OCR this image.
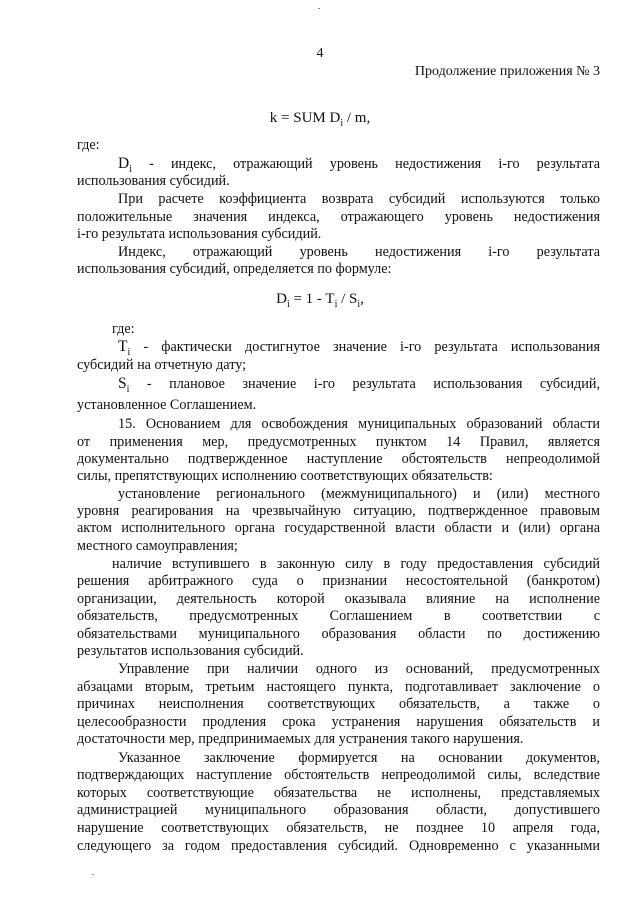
4
Продолжение приложения № 3
k = SUM $D_i$ / m,
где:
$D_i$ - индекс, отражающий уровень недостижения i-го результата
использования субсидий.
При расчете коэффициента возврата субсидий используются только
положительные значения индекса, отражающего уровень недостижения
i-го результата использования субсидий.
Индекс, отражающий уровень недостижения i-го результата
использования субсидий, определяется по формуле:
$D_i = 1 - T_i / S_i$,
где:
$T_i$ - фактически достигнутое значение i-го результата использования
субсидий на отчетную дату;
$S_i$ - плановое значение i-го результата использования субсидий,
установленное Соглашением.
15. Основанием для освобождения муниципальных образований области
от применения мер, предусмотренных пунктом 14 Правил, является
документально подтвержденное наступление обстоятельств непреодолимой
силы, препятствующих исполнению соответствующих обязательств:
установление регионального (межмуниципального) и (или) местного
уровня реагирования на чрезвычайную ситуацию, подтвержденное правовым
актом исполнительного органа государственной власти области и (или) органа
местного самоуправления;
наличие вступившего в законную силу в году предоставления субсидий
решения арбитражного суда о признании несостоятельной (банкротом)
организации, деятельность которой оказывала влияние на исполнение
обязательств, предусмотренных Соглашением в соответствии с
обязательствами муниципального образования области по достижению
результатов использования субсидий.
Управление при наличии одного из оснований, предусмотренных
абзацами вторым, третьим настоящего пункта, подготавливает заключение о
причинах неисполнения соответствующих обязательств, а также о
целесообразности продления срока устранения нарушения обязательств и
достаточности мер, предпринимаемых для устранения такого нарушения.
Указанное заключение формируется на основании документов,
подтверждающих наступление обстоятельств непреодолимой силы, вследствие
которых соответствующие обязательства не исполнены, представляемых
администрацией муниципального образования области, допустившего
нарушение соответствующих обязательств, не позднее 10 апреля года,
следующего за годом предоставления субсидий. Одновременно с указанными
